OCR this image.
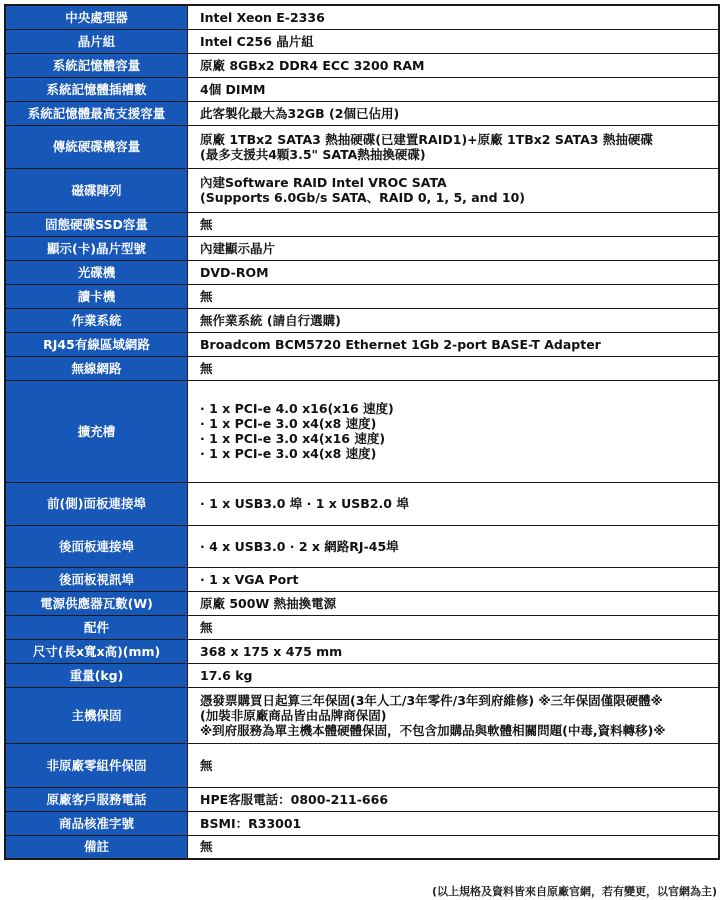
中央處理器	Intel Xeon E-2336

晶片組	Intel C256 晶片組

系統記憶體容量	原廠 8GBx2 DDR4 ECC 3200 RAM

系統記憶體插槽數	4個 DIMM

系統記憶體最高支援容量	此客製化最大為32GB (2個已佔用)

傳統硬碟機容量	原廠 1TBx2 SATA3 熱抽硬碟(已建置RAID1)+原廠 1TBx2 SATA3 熱抽硬碟
(最多支援共4顆3.5" SATA熱抽換硬碟)

磁碟陣列	內建Software RAID Intel VROC SATA
(Supports 6.0Gb/s SATA、RAID 0, 1, 5, and 10)

固態硬碟SSD容量	無

顯示(卡)晶片型號	內建顯示晶片

光碟機	DVD-ROM

讀卡機	無

作業系統	無作業系統 (請自行選購)

RJ45有線區域網路	Broadcom BCM5720 Ethernet 1Gb 2-port BASE-T Adapter

無線網路	無

擴充槽	· 1 x PCI-e 4.0 x16(x16 速度)
· 1 x PCI-e 3.0 x4(x8 速度)
· 1 x PCI-e 3.0 x4(x16 速度)
· 1 x PCI-e 3.0 x4(x8 速度)

前(側)面板連接埠	· 1 x USB3.0 埠 · 1 x USB2.0 埠

後面板連接埠	· 4 x USB3.0 · 2 x 網路RJ-45埠

後面板視訊埠	· 1 x VGA Port

電源供應器瓦數(W)	原廠 500W 熱抽換電源

配件	無

尺寸(長x寬x高)(mm)	368 x 175 x 475 mm

重量(kg)	17.6 kg

主機保固	憑發票購買日起算三年保固(3年人工/3年零件/3年到府維修) ※三年保固僅限硬體※
(加裝非原廠商品皆由品牌商保固)
※到府服務為單主機本體硬體保固，不包含加購品與軟體相關問題(中毒,資料轉移)※

非原廠零組件保固	無

原廠客戶服務電話	HPE客服電話：0800-211-666

商品核准字號	BSMI：R33001

備註	無
(以上規格及資料皆來自原廠官網，若有變更，以官網為主)
